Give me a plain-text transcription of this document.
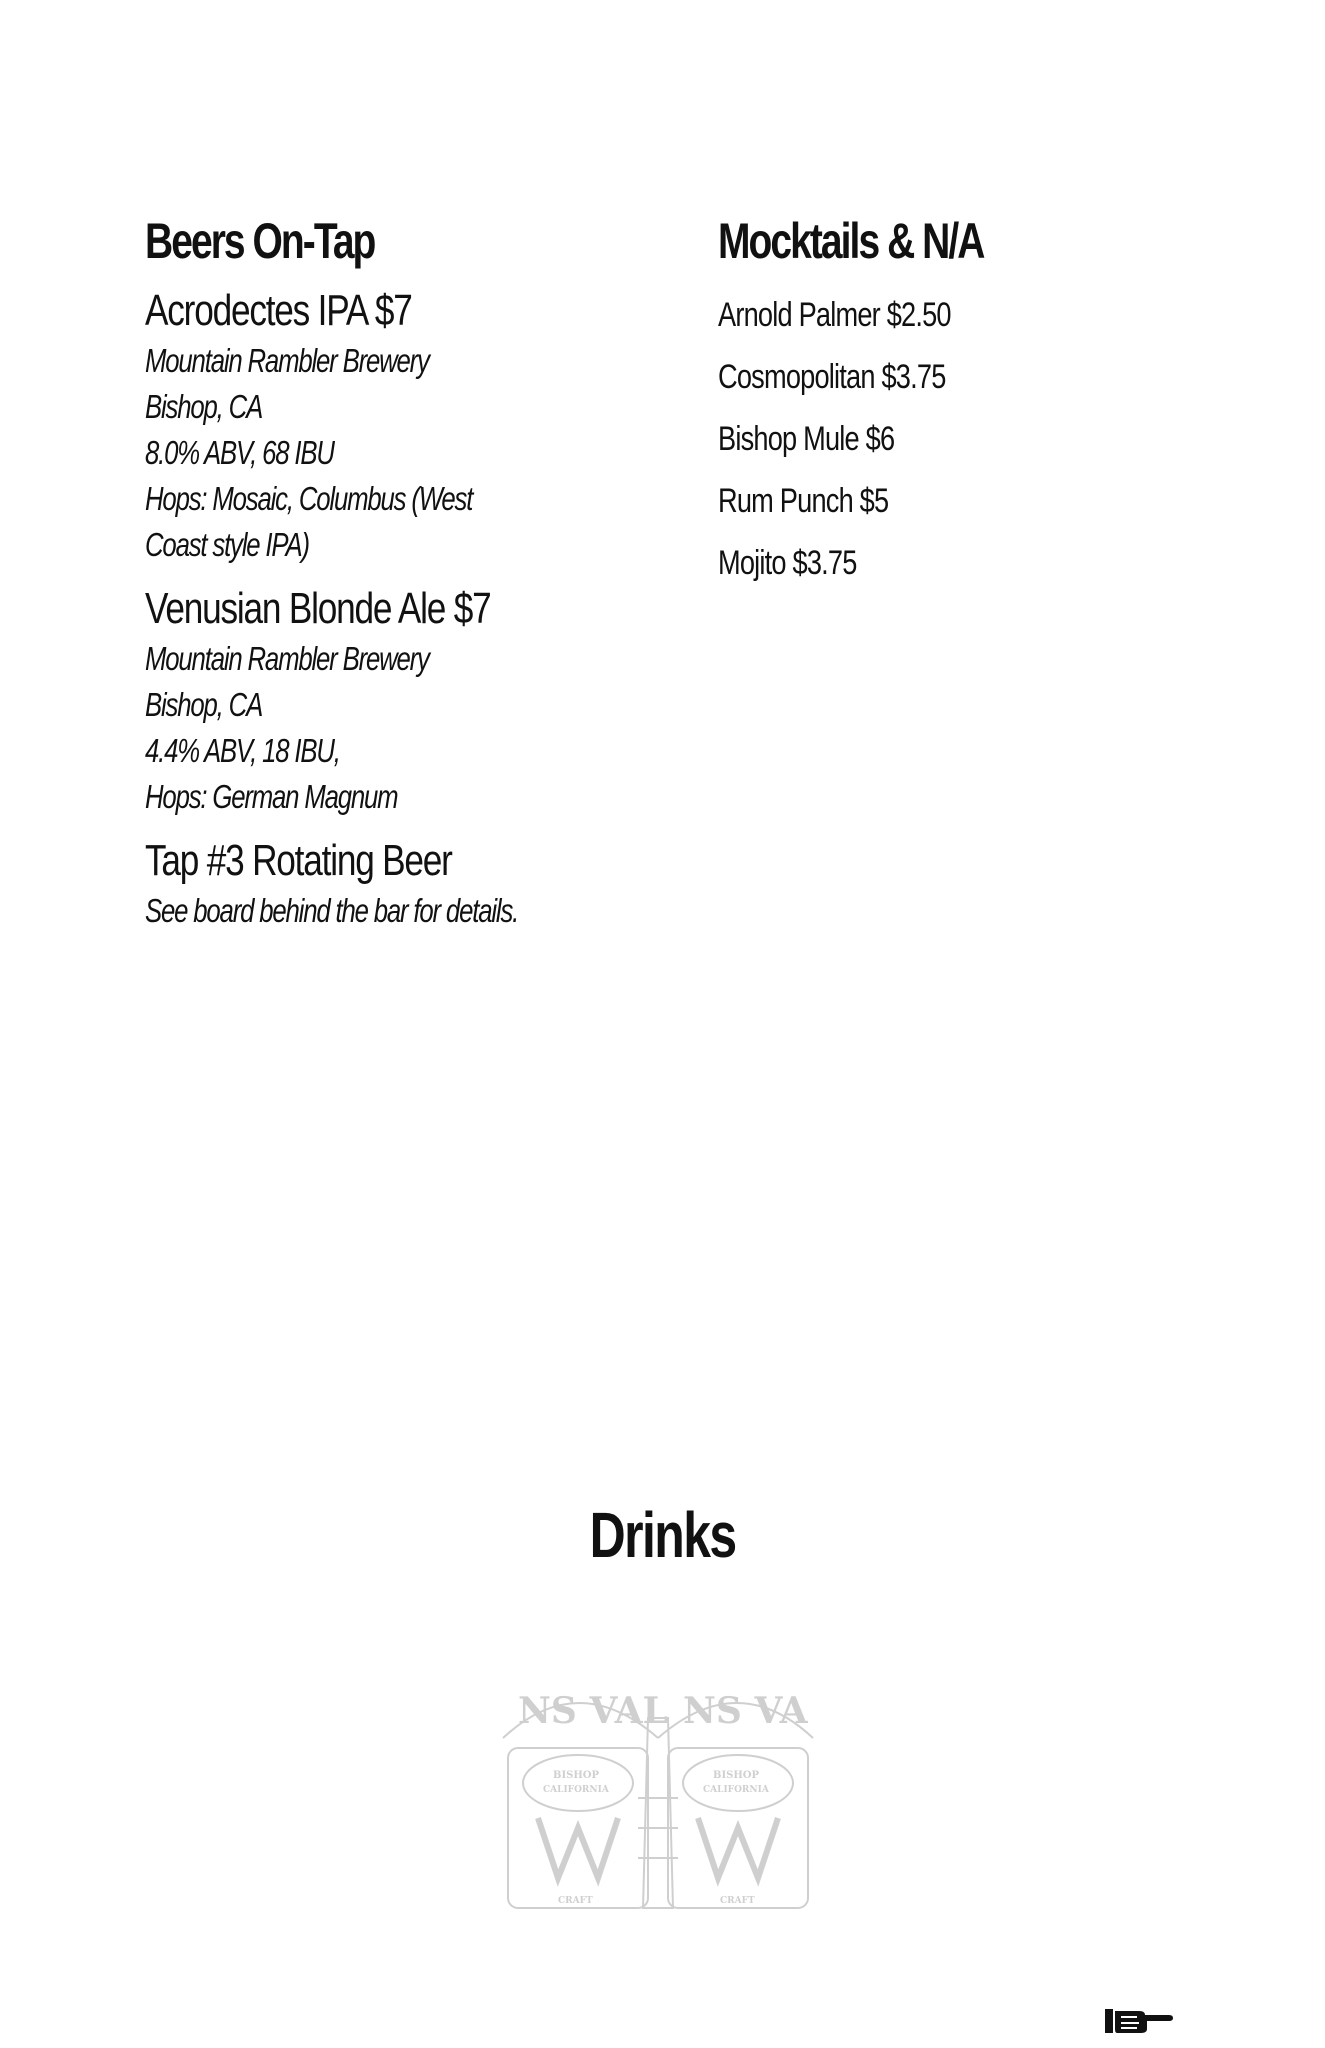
Beers On-Tap
Acrodectes IPA $7
Mountain Rambler Brewery
Bishop, CA
8.0% ABV, 68 IBU
Hops: Mosaic, Columbus (West
Coast style IPA)
Venusian Blonde Ale $7
Mountain Rambler Brewery
Bishop, CA
4.4% ABV, 18 IBU,
Hops: German Magnum
Tap #3 Rotating Beer
See board behind the bar for details.
Mocktails & N/A
Arnold Palmer $2.50
Cosmopolitan $3.75
Bishop Mule $6
Rum Punch $5
Mojito $3.75
Drinks
NS VAL NS VA
BISHOP
CALIFORNIA
BISHOP
CALIFORNIA
CRAFT	CRAFT
